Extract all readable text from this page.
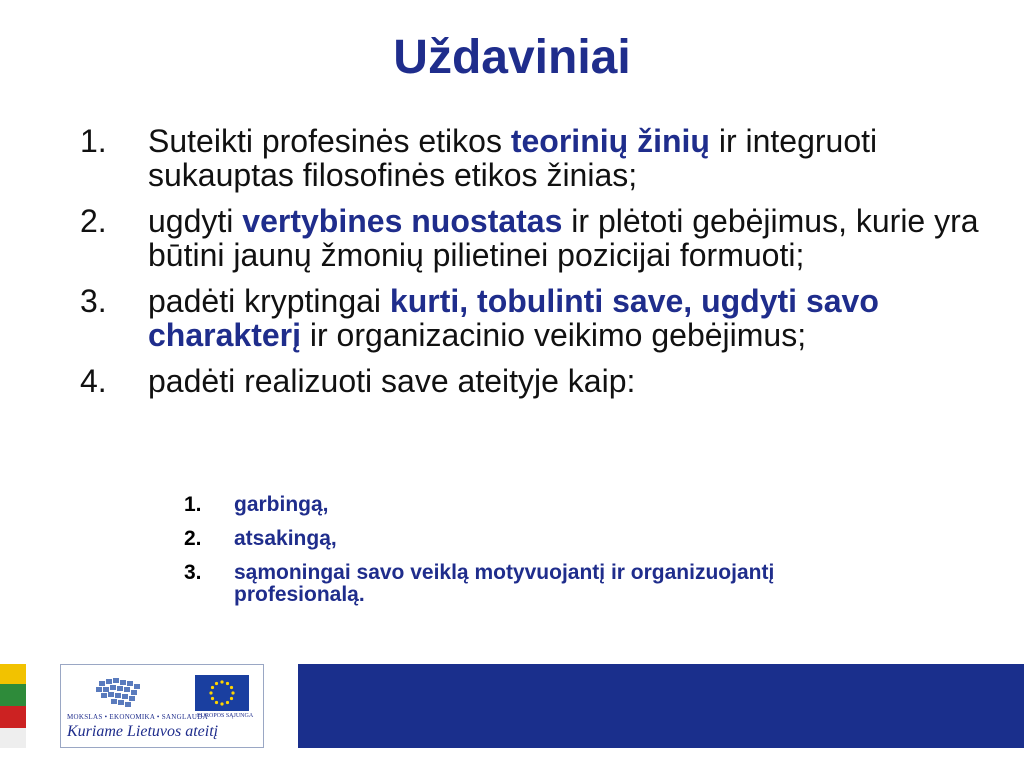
Uždaviniai
1. Suteikti profesinės etikos teorinių žinių ir integruoti sukauptas filosofinės etikos žinias;
2. ugdyti vertybines nuostatas ir plėtoti gebėjimus, kurie yra būtini jaunų žmonių pilietinei pozicijai formuoti;
3. padėti kryptingai kurti, tobulinti save, ugdyti savo charakterį ir organizacinio veikimo gebėjimus;
4. padėti realizuoti save ateityje kaip:
1. garbingą,
2. atsakingą,
3. sąmoningai savo veiklą motyvuojantį ir organizuojantį profesionalą.
MOKSLAS • EKONOMIKA • SANGLAUDA
EUROPOS SĄJUNGA
Kuriame Lietuvos ateitį
